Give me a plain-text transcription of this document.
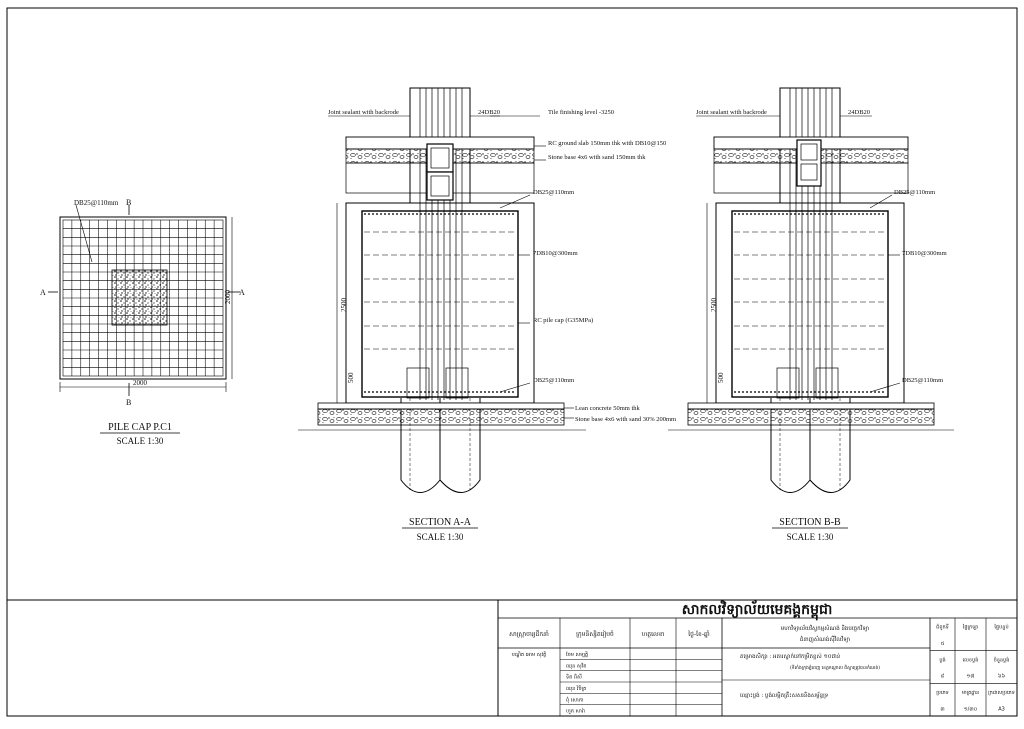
DB25@110mm
A	A
B
B
2000
2000
PILE CAP P.C1
SCALE 1:30
Joint sealant with backrode	24DB20	Tile finishing level -3250
RC ground slab 150mm thk with DB10@150
Stone base 4x6 with sand 150mm thk
DB25@110mm
7DB10@300mm
RC pile cap (G35MPa)
DB25@110mm
Lean concrete 50mm thk
Stone base 4x6 with sand 30% 200mm
2500
500
SECTION A-A
SCALE 1:30
Joint sealant with backrode	24DB20
DB25@110mm
7DB10@300mm
DB25@110mm
2500
500
SECTION B-B
SCALE 1:30
សាកលវិទ្យាល័យមេគង្គកម្ពុជា
សាស្ត្រាចារ្យដឹកនាំ	ក្រុមនិស្សិតរៀបចំ	ហត្ថលេខា	ថ្ងៃ-ខែ-ឆ្នាំ
ចែម សម្បត្តិ
ឈុន សុវិត
ទិត ពិសី
ឈុន វិចិត្រ
ពុំ សោភា
ហួត សារ៉ា
បណ្ឌិត អោម សុវត្ថិ
មហាវិទ្យាល័យវិស្វកម្មសំណង់ និងបច្ចេកវិទ្យា
ជំនាញសំណង់ស៊ីវិលវិទ្យា
គម្រោងសិក្សា : អគារស្នាក់នៅកម្រិតខ្ពស់ ១០ជាន់
(ទីតាំងក្រុងភ្នំពេញ ខេត្តកណ្តាល ពិស្តារត្រូវបានកំណត់)
ឈ្មោះប្លង់ : ប្លង់លម្អិតគ្រឹះសសរនិងសម្ព័ន្ធទ្រ
ជំពូកទី	ផ្ទៃក្រឡា	ផ្ទៃបន្ទប់
៥
ប្លង់	លេខប្លង់	ចំនួនប្លង់
៨	១៧	៦៦
ប្រភេទ	មាត្រដ្ឋាន ក្រដាសប្រភេទ
៣	១/៣០	A3
